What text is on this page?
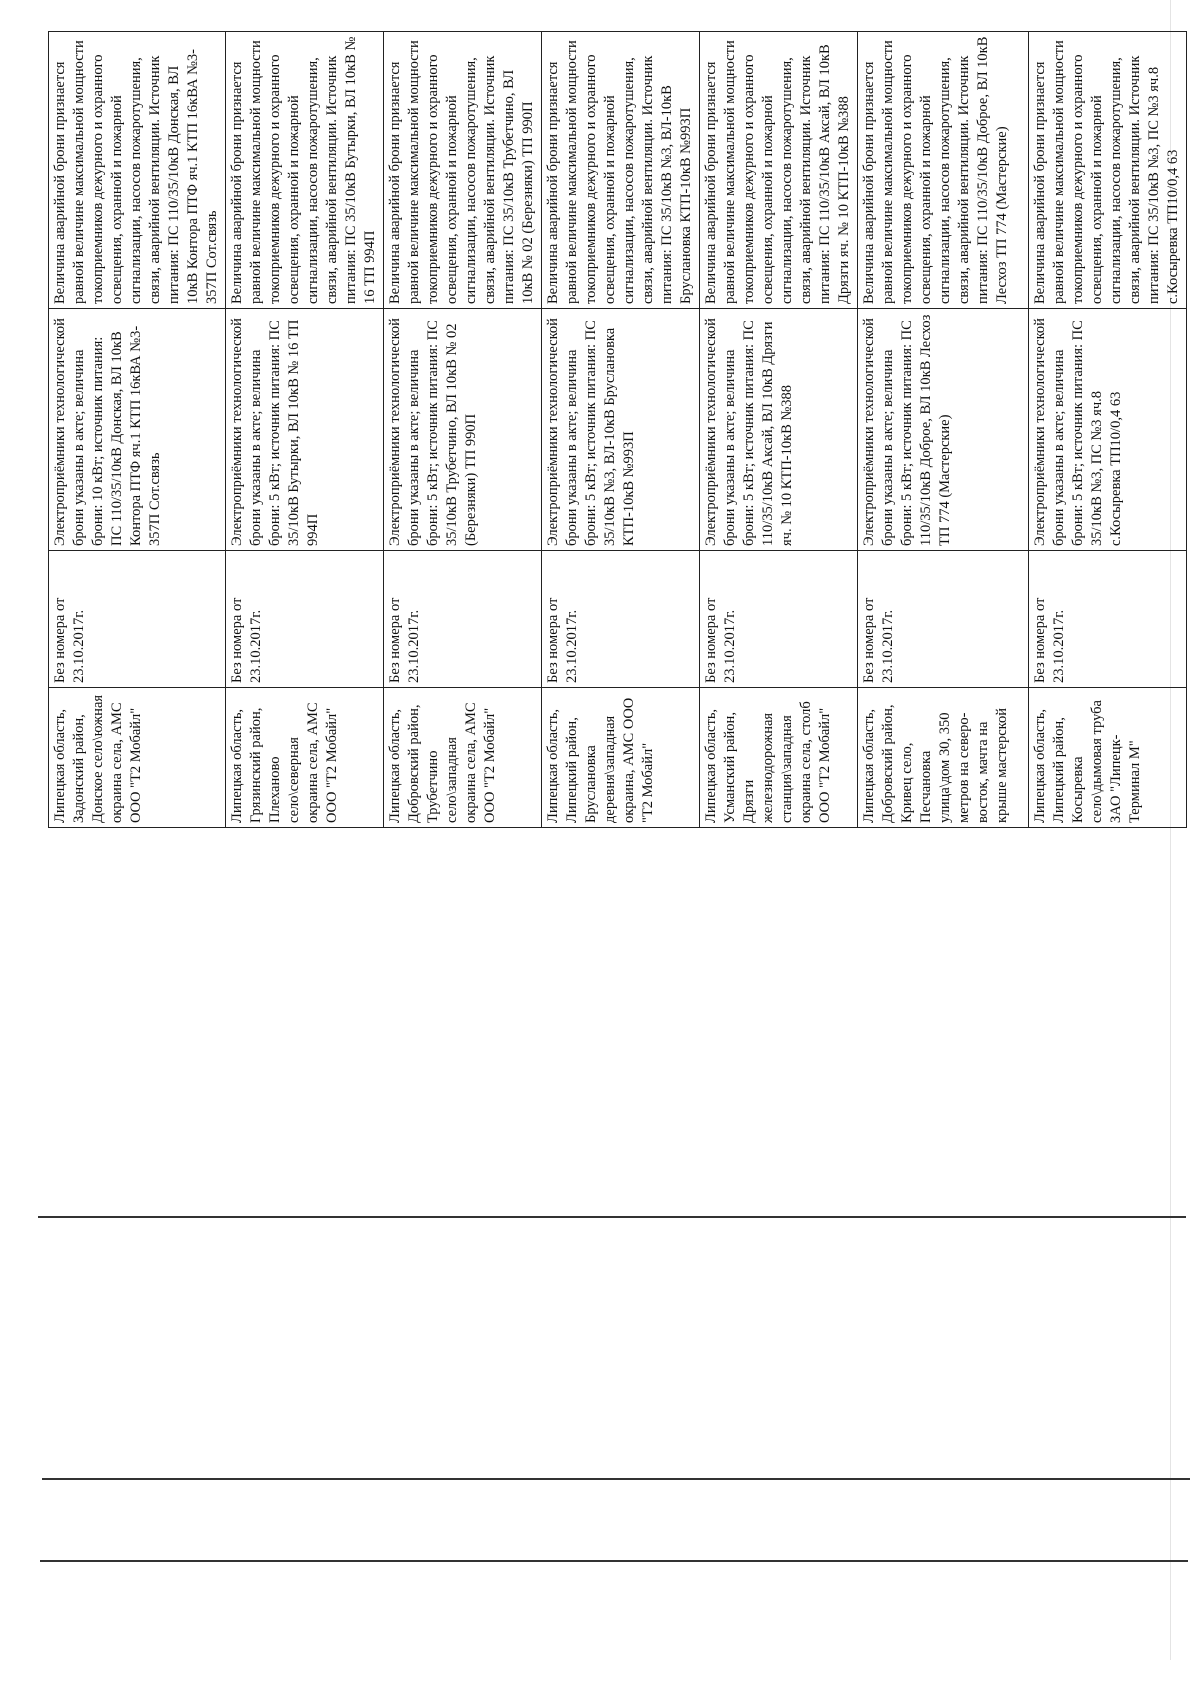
Липецкая область, Задонский район, Донское село\южная окраина села, АМС ООО "Т2 Мобайл"	Без номера от 23.10.2017г.	Электроприёмники технологической брони указаны в акте; величина брони: 10 кВт; источник питания: ПС 110/35/10кВ Донская, ВЛ 10кВ Контора ПТФ яч.1 КТП 16кВА №3-357П Сот.связь	Величина аварийной брони признается равной величине максимальной мощности токоприемников дежурного и охранного освещения, охранной и пожарной сигнализации, насосов пожаротушения, связи, аварийной вентиляции. Источник питания: ПС 110/35/10кВ Донская, ВЛ 10кВ Контора ПТФ яч.1 КТП 16кВА №3-357П Сот.связь
Липецкая область, Грязинский район, Плеханово село\северная окраина села, АМС ООО "Т2 Мобайл"	Без номера от 23.10.2017г.	Электроприёмники технологической брони указаны в акте; величина брони: 5 кВт; источник питания: ПС 35/10кВ Бутырки, ВЛ 10кВ № 16 ТП 994П	Величина аварийной брони признается равной величине максимальной мощности токоприемников дежурного и охранного освещения, охранной и пожарной сигнализации, насосов пожаротушения, связи, аварийной вентиляции. Источник питания: ПС 35/10кВ Бутырки, ВЛ 10кВ № 16 ТП 994П
Липецкая область, Добровский район, Трубетчино село\западная окраина села, АМС ООО "Т2 Мобайл"	Без номера от 23.10.2017г.	Электроприёмники технологической брони указаны в акте; величина брони: 5 кВт; источник питания: ПС 35/10кВ Трубетчино, ВЛ 10кВ № 02 (Березняки) ТП 990П	Величина аварийной брони признается равной величине максимальной мощности токоприемников дежурного и охранного освещения, охранной и пожарной сигнализации, насосов пожаротушения, связи, аварийной вентиляции. Источник питания: ПС 35/10кВ Трубетчино, ВЛ 10кВ № 02 (Березняки) ТП 990П
Липецкая область, Липецкий район, Бруслановка деревня\западная окраина, АМС ООО "Т2 Мобайл"	Без номера от 23.10.2017г.	Электроприёмники технологической брони указаны в акте; величина брони: 5 кВт; источник питания: ПС 35/10кВ №3, ВЛ-10кВ Бруслановка КТП-10кВ №993П	Величина аварийной брони признается равной величине максимальной мощности токоприемников дежурного и охранного освещения, охранной и пожарной сигнализации, насосов пожаротушения, связи, аварийной вентиляции. Источник питания: ПС 35/10кВ №3, ВЛ-10кВ Бруслановка КТП-10кВ №993П
Липецкая область, Усманский район, Дрязги железнодорожная станция\западная окраина села, столб ООО "Т2 Мобайл"	Без номера от 23.10.2017г.	Электроприёмники технологической брони указаны в акте; величина брони: 5 кВт; источник питания: ПС 110/35/10кВ Аксай, ВЛ 10кВ Дрязги яч. № 10 КТП-10кВ №388	Величина аварийной брони признается равной величине максимальной мощности токоприемников дежурного и охранного освещения, охранной и пожарной сигнализации, насосов пожаротушения, связи, аварийной вентиляции. Источник питания: ПС 110/35/10кВ Аксай, ВЛ 10кВ Дрязги яч. № 10 КТП-10кВ №388
Липецкая область, Добровский район, Кривец село, Песчановка улица\дом 30, 350 метров на северо-восток, мачта на крыше мастерской	Без номера от 23.10.2017г.	Электроприёмники технологической брони указаны в акте; величина брони: 5 кВт; источник питания: ПС 110/35/10кВ Доброе, ВЛ 10кВ Лесхоз ТП 774 (Мастерские)	Величина аварийной брони признается равной величине максимальной мощности токоприемников дежурного и охранного освещения, охранной и пожарной сигнализации, насосов пожаротушения, связи, аварийной вентиляции. Источник питания: ПС 110/35/10кВ Доброе, ВЛ 10кВ Лесхоз ТП 774 (Мастерские)
Липецкая область, Липецкий район, Косыревка село\дымовая труба ЗАО "Липецк-Терминал М"	Без номера от 23.10.2017г.	Электроприёмники технологической брони указаны в акте; величина брони: 5 кВт; источник питания: ПС 35/10кВ №3, ПС №3 яч.8 с.Косыревка ТП10/0,4 63	Величина аварийной брони признается равной величине максимальной мощности токоприемников дежурного и охранного освещения, охранной и пожарной сигнализации, насосов пожаротушения, связи, аварийной вентиляции. Источник питания: ПС 35/10кВ №3, ПС №3 яч.8 с.Косыревка ТП10/0,4 63
